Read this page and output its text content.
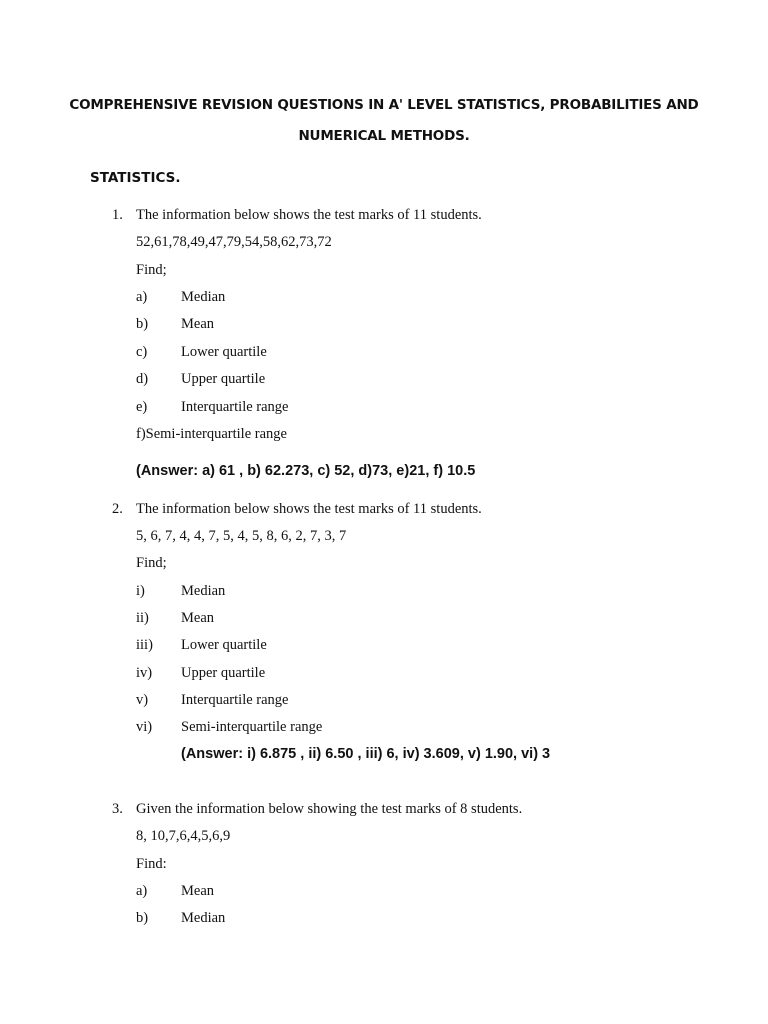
COMPREHENSIVE REVISION QUESTIONS IN A' LEVEL STATISTICS, PROBABILITIES AND
NUMERICAL METHODS.
STATISTICS.
1. The information below shows the test marks of 11 students.
52,61,78,49,47,79,54,58,62,73,72
Find;
a) Median
b) Mean
c) Lower quartile
d) Upper quartile
e) Interquartile range
f)Semi-interquartile range
(Answer: a) 61 , b) 62.273, c) 52, d)73, e)21, f) 10.5
2. The information below shows the test marks of 11 students.
5, 6, 7, 4, 4, 7, 5, 4, 5, 8, 6, 2, 7, 3, 7
Find;
i) Median
ii) Mean
iii) Lower quartile
iv) Upper quartile
v) Interquartile range
vi) Semi-interquartile range
(Answer: i) 6.875 , ii) 6.50 , iii) 6, iv) 3.609, v) 1.90, vi) 3
3. Given the information below showing the test marks of 8 students.
8, 10,7,6,4,5,6,9
Find:
a) Mean
b) Median
